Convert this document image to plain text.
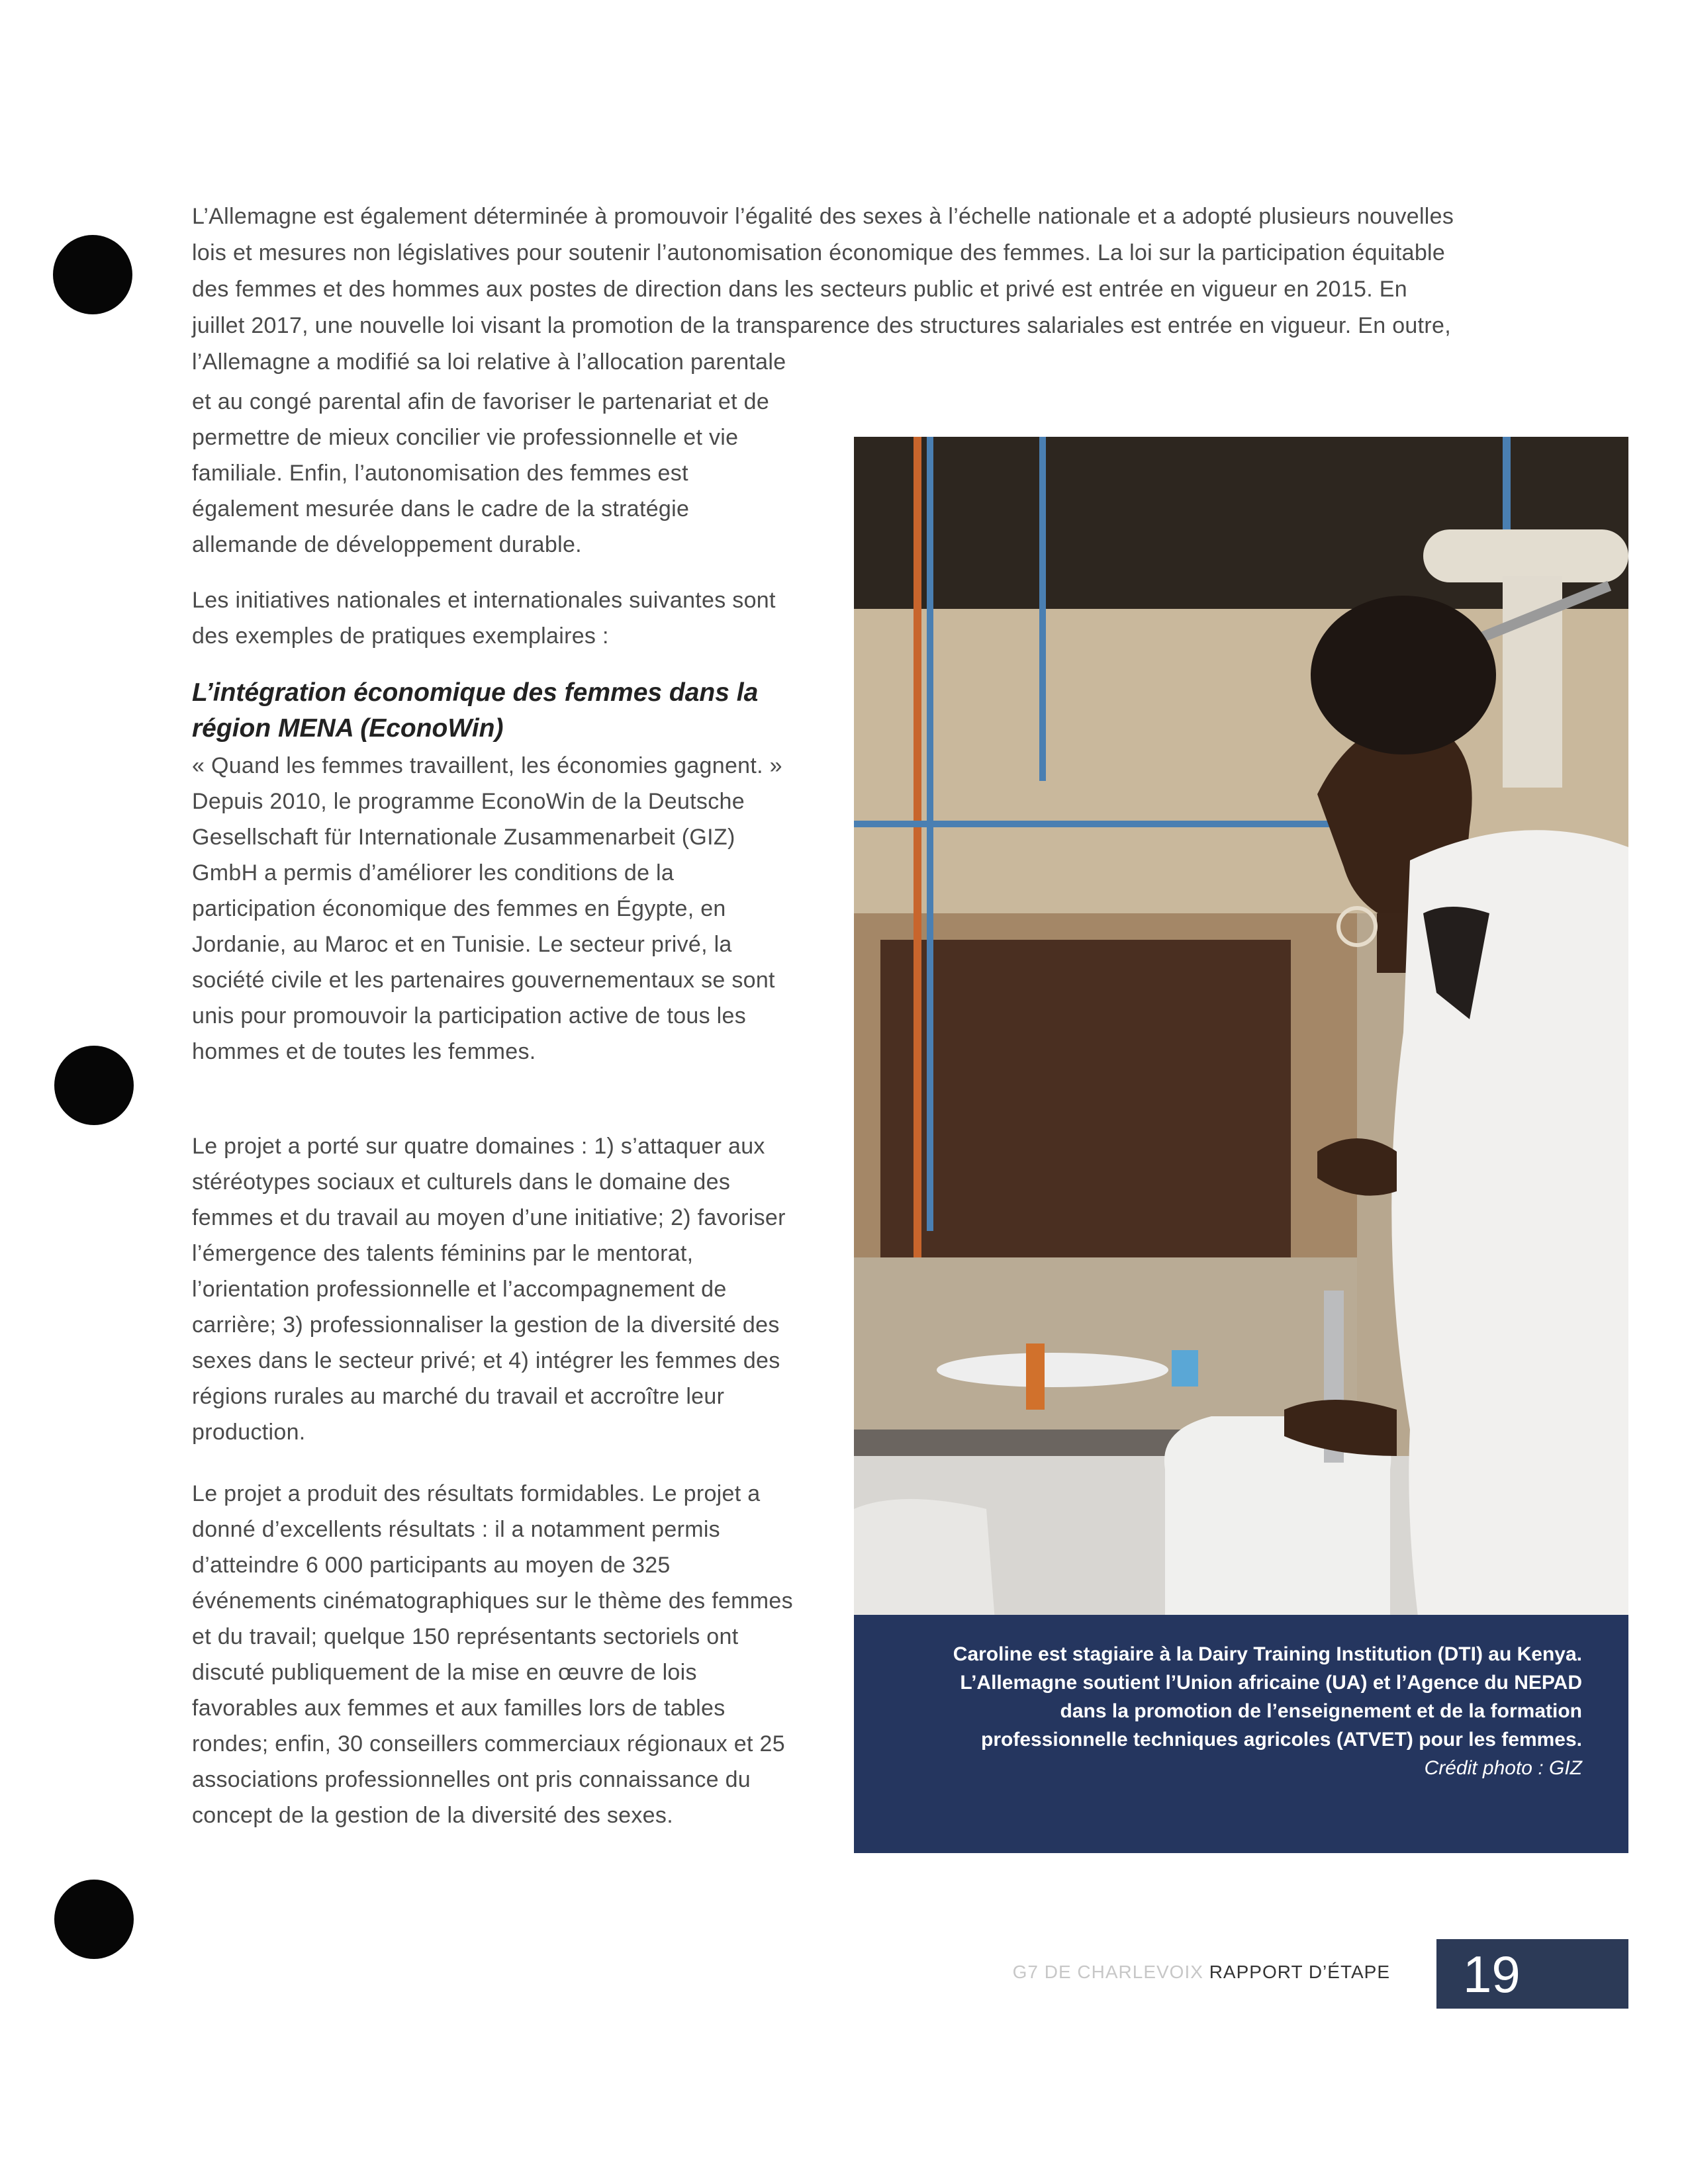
L’Allemagne est également déterminée à promouvoir l’égalité des sexes à l’échelle nationale et a adopté plusieurs nouvelles lois et mesures non législatives pour soutenir l’autonomisation économique des femmes. La loi sur la participation équitable des femmes et des hommes aux postes de direction dans les secteurs public et privé est entrée en vigueur en 2015. En juillet 2017, une nouvelle loi visant la promotion de la transparence des structures salariales est entrée en vigueur. En outre, l’Allemagne a modifié sa loi relative à l’allocation parentale

et au congé parental afin de favoriser le partenariat et de permettre de mieux concilier vie professionnelle et vie familiale. Enfin, l’autonomisation des femmes est également mesurée dans le cadre de la stratégie allemande de développement durable.

Les initiatives nationales et internationales suivantes sont des exemples de pratiques exemplaires :

L’intégration économique des femmes dans la région MENA (EconoWin)

« Quand les femmes travaillent, les économies gagnent. » Depuis 2010, le programme EconoWin de la Deutsche Gesellschaft für Internationale Zusammenarbeit (GIZ) GmbH a permis d’améliorer les conditions de la participation économique des femmes en Égypte, en Jordanie, au Maroc et en Tunisie. Le secteur privé, la société civile et les partenaires gouvernementaux se sont unis pour promouvoir la participation active de tous les hommes et de toutes les femmes.

Le projet a porté sur quatre domaines : 1) s’attaquer aux stéréotypes sociaux et culturels dans le domaine des femmes et du travail au moyen d’une initiative; 2) favoriser l’émergence des talents féminins par le mentorat, l’orientation professionnelle et l’accompagnement de carrière; 3) professionnaliser la gestion de la diversité des sexes dans le secteur privé; et 4) intégrer les femmes des régions rurales au marché du travail et accroître leur production.

Le projet a produit des résultats formidables. Le projet a donné d’excellents résultats : il a notamment permis d’atteindre 6 000 participants au moyen de 325 événements cinématographiques sur le thème des femmes et du travail; quelque 150 représentants sectoriels ont discuté publiquement de la mise en œuvre de lois favorables aux femmes et aux familles lors de tables rondes; enfin, 30 conseillers commerciaux régionaux et 25 associations professionnelles ont pris connaissance du concept de la gestion de la diversité des sexes.

Caroline est stagiaire à la Dairy Training Institution (DTI) au Kenya. L’Allemagne soutient l’Union africaine (UA) et l’Agence du NEPAD dans la promotion de l’enseignement et de la formation professionnelle techniques agricoles (ATVET) pour les femmes. Crédit photo : GIZ

G7 DE CHARLEVOIX RAPPORT D’ÉTAPE 19
